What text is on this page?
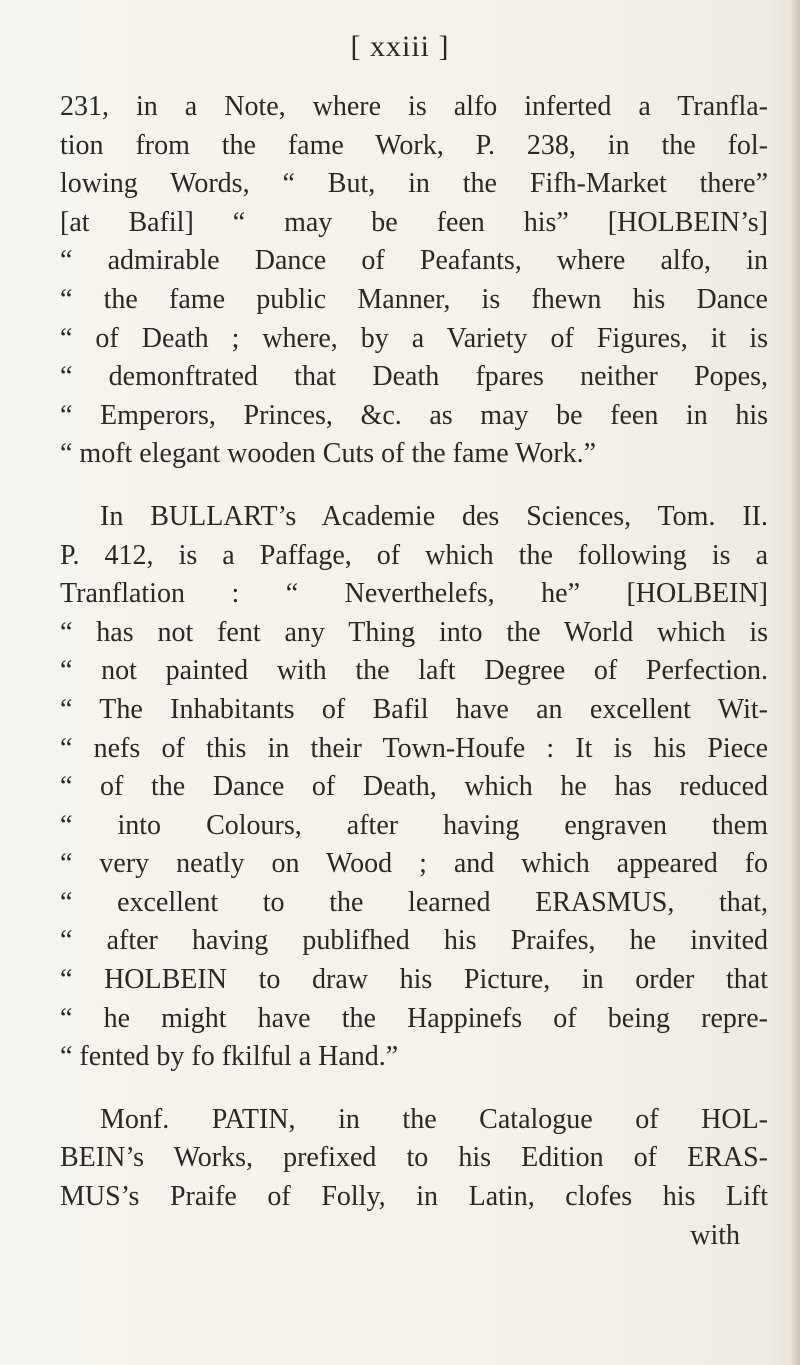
[ xxiii ]
231, in a Note, where is alfo inferted a Tranfla-
tion from the fame Work, P. 238, in the fol-
lowing Words, “ But, in the Fifh-Market there”
[at Bafil] “ may be feen his” [HOLBEIN’s]
“ admirable Dance of Peafants, where alfo, in
“ the fame public Manner, is fhewn his Dance
“ of Death ; where, by a Variety of Figures, it is
“ demonftrated that Death fpares neither Popes,
“ Emperors, Princes, &c. as may be feen in his
“ moft elegant wooden Cuts of the fame Work.”
In BULLART’s Academie des Sciences, Tom. II.
P. 412, is a Paffage, of which the following is a
Tranflation : “ Neverthelefs, he” [HOLBEIN]
“ has not fent any Thing into the World which is
“ not painted with the laft Degree of Perfection.
“ The Inhabitants of Bafil have an excellent Wit-
“ nefs of this in their Town-Houfe : It is his Piece
“ of the Dance of Death, which he has reduced
“ into Colours, after having engraven them
“ very neatly on Wood ; and which appeared fo
“ excellent to the learned ERASMUS, that,
“ after having publifhed his Praifes, he invited
“ HOLBEIN to draw his Picture, in order that
“ he might have the Happinefs of being repre-
“ fented by fo fkilful a Hand.”
Monf. PATIN, in the Catalogue of HOL-
BEIN’s Works, prefixed to his Edition of ERAS-
MUS’s Praife of Folly, in Latin, clofes his Lift
with
